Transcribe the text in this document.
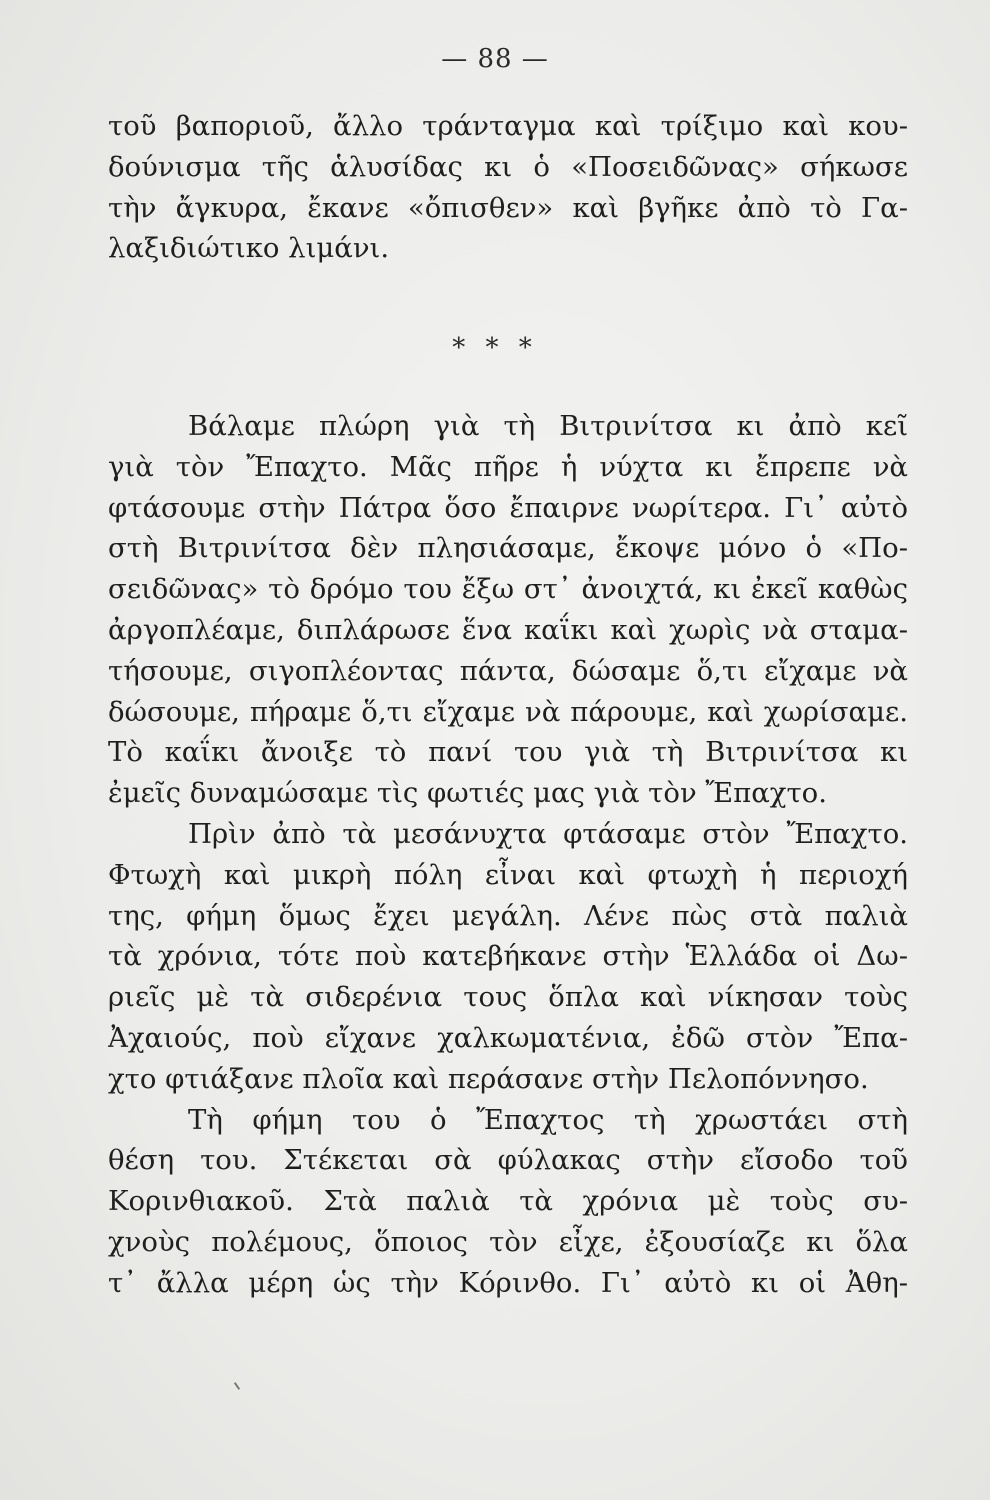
— 88 —
τοῦ βαποριοῦ, ἄλλο τράνταγμα καὶ τρίξιμο καὶ κου-
δούνισμα τῆς ἁλυσίδας κι ὁ «Ποσειδῶνας» σήκωσε
τὴν ἄγκυρα, ἔκανε «ὄπισθεν» καὶ βγῆκε ἀπὸ τὸ Γα-
λαξιδιώτικο λιμάνι.
* * *
Βάλαμε πλώρη γιὰ τὴ Βιτρινίτσα κι ἀπὸ κεῖ
γιὰ τὸν Ἔπαχτο. Μᾶς πῆρε ἡ νύχτα κι ἔπρεπε νὰ
φτάσουμε στὴν Πάτρα ὅσο ἔπαιρνε νωρίτερα. Γι᾿ αὐτὸ
στὴ Βιτρινίτσα δὲν πλησιάσαμε, ἔκοψε μόνο ὁ «Πο-
σειδῶνας» τὸ δρόμο του ἔξω στ᾿ ἀνοιχτά, κι ἐκεῖ καθὼς
ἀργοπλέαμε, διπλάρωσε ἕνα καΐκι καὶ χωρὶς νὰ σταμα-
τήσουμε, σιγοπλέοντας πάντα, δώσαμε ὅ,τι εἴχαμε νὰ
δώσουμε, πήραμε ὅ,τι εἴχαμε νὰ πάρουμε, καὶ χωρίσαμε.
Τὸ καΐκι ἄνοιξε τὸ πανί του γιὰ τὴ Βιτρινίτσα κι
ἐμεῖς δυναμώσαμε τὶς φωτιές μας γιὰ τὸν Ἔπαχτο.
Πρὶν ἀπὸ τὰ μεσάνυχτα φτάσαμε στὸν Ἔπαχτο.
Φτωχὴ καὶ μικρὴ πόλη εἶναι καὶ φτωχὴ ἡ περιοχή
της, φήμη ὅμως ἔχει μεγάλη. Λένε πὼς στὰ παλιὰ
τὰ χρόνια, τότε ποὺ κατεβήκανε στὴν Ἑλλάδα οἱ Δω-
ριεῖς μὲ τὰ σιδερένια τους ὅπλα καὶ νίκησαν τοὺς
Ἀχαιούς, ποὺ εἴχανε χαλκωματένια, ἐδῶ στὸν Ἔπα-
χτο φτιάξανε πλοῖα καὶ περάσανε στὴν Πελοπόννησο.
Τὴ φήμη του ὁ Ἔπαχτος τὴ χρωστάει στὴ
θέση του. Στέκεται σὰ φύλακας στὴν εἴσοδο τοῦ
Κορινθιακοῦ. Στὰ παλιὰ τὰ χρόνια μὲ τοὺς συ-
χνοὺς πολέμους, ὅποιος τὸν εἶχε, ἐξουσίαζε κι ὅλα
τ᾿ ἄλλα μέρη ὡς τὴν Κόρινθο. Γι᾿ αὐτὸ κι οἱ Ἀθη-
